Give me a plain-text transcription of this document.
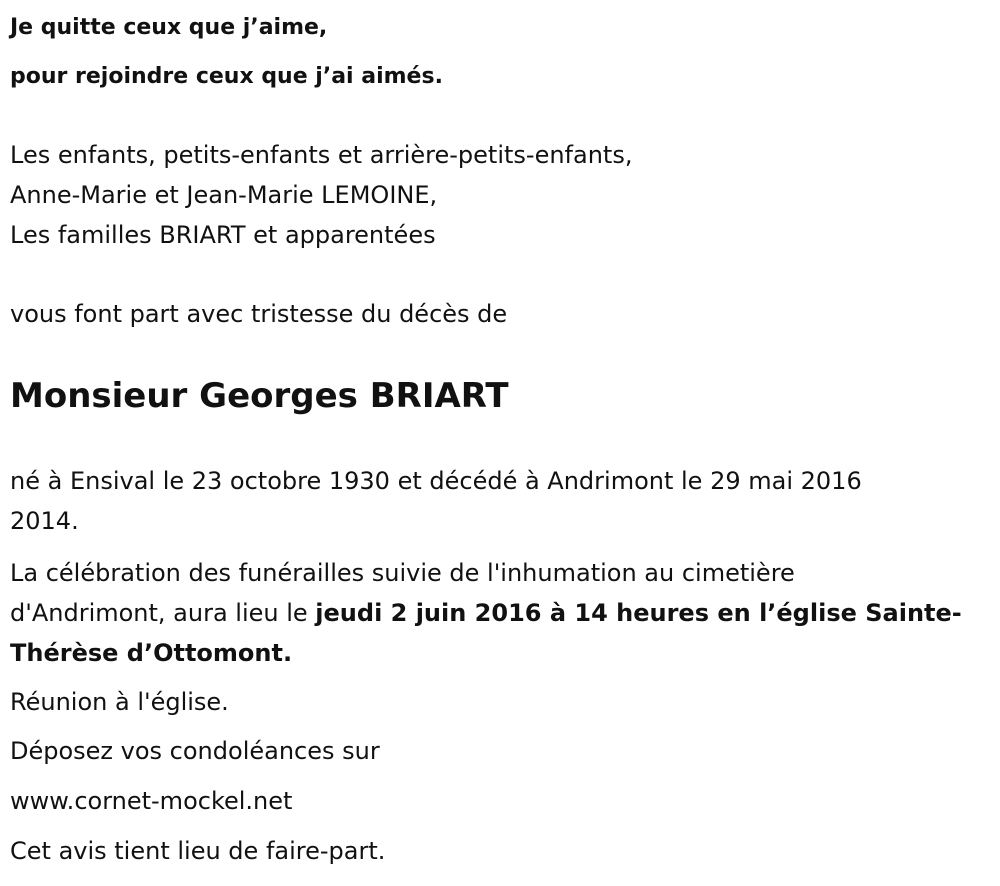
Je quitte ceux que j’aime,

pour rejoindre ceux que j’ai aimés.

Les enfants, petits-enfants et arrière-petits-enfants,

Anne-Marie et Jean-Marie LEMOINE,

Les familles BRIART et apparentées

vous font part avec tristesse du décès de

Monsieur Georges BRIART

né à Ensival le 23 octobre 1930 et décédé à Andrimont le 29 mai 2016

2014.

La célébration des funérailles suivie de l'inhumation au cimetière

d'Andrimont, aura lieu le jeudi 2 juin 2016 à 14 heures en l’église Sainte-

Thérèse d’Ottomont.

Réunion à l'église.

Déposez vos condoléances sur

www.cornet-mockel.net

Cet avis tient lieu de faire-part.
